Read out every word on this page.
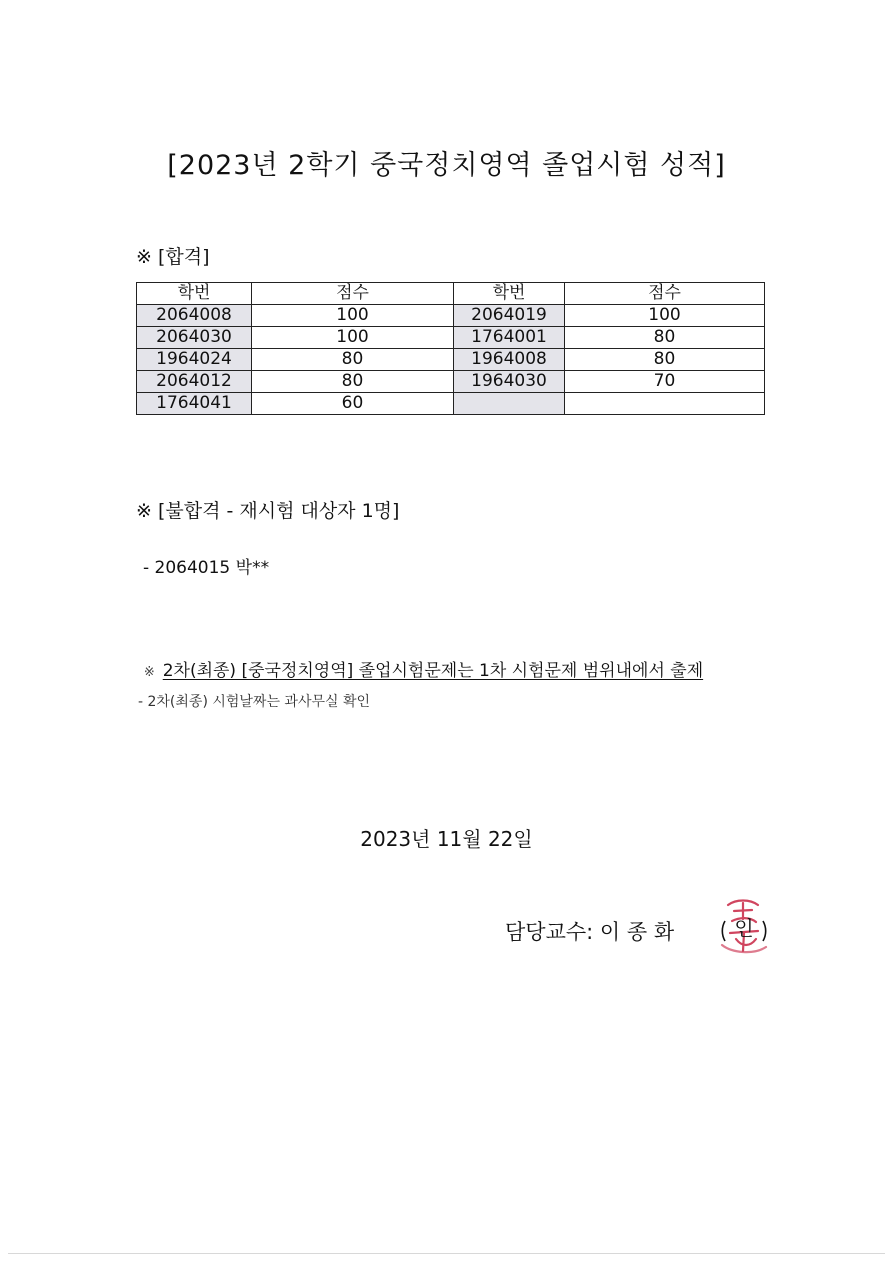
[2023년 2학기 중국정치영역 졸업시험 성적]
※ [합격]
학번	점수	학번	점수
2064008	100	2064019	100
2064030	100	1764001	80
1964024	80	1964008	80
2064012	80	1964030	70
1764041	60		
※ [불합격 - 재시험 대상자 1명]
- 2064015 박**

※ 2차(최종) [중국정치영역] 졸업시험문제는 1차 시험문제 범위내에서 출제

- 2차(최종) 시험날짜는 과사무실 확인
2023년 11월 22일
담당교수: 이 종 화	인
